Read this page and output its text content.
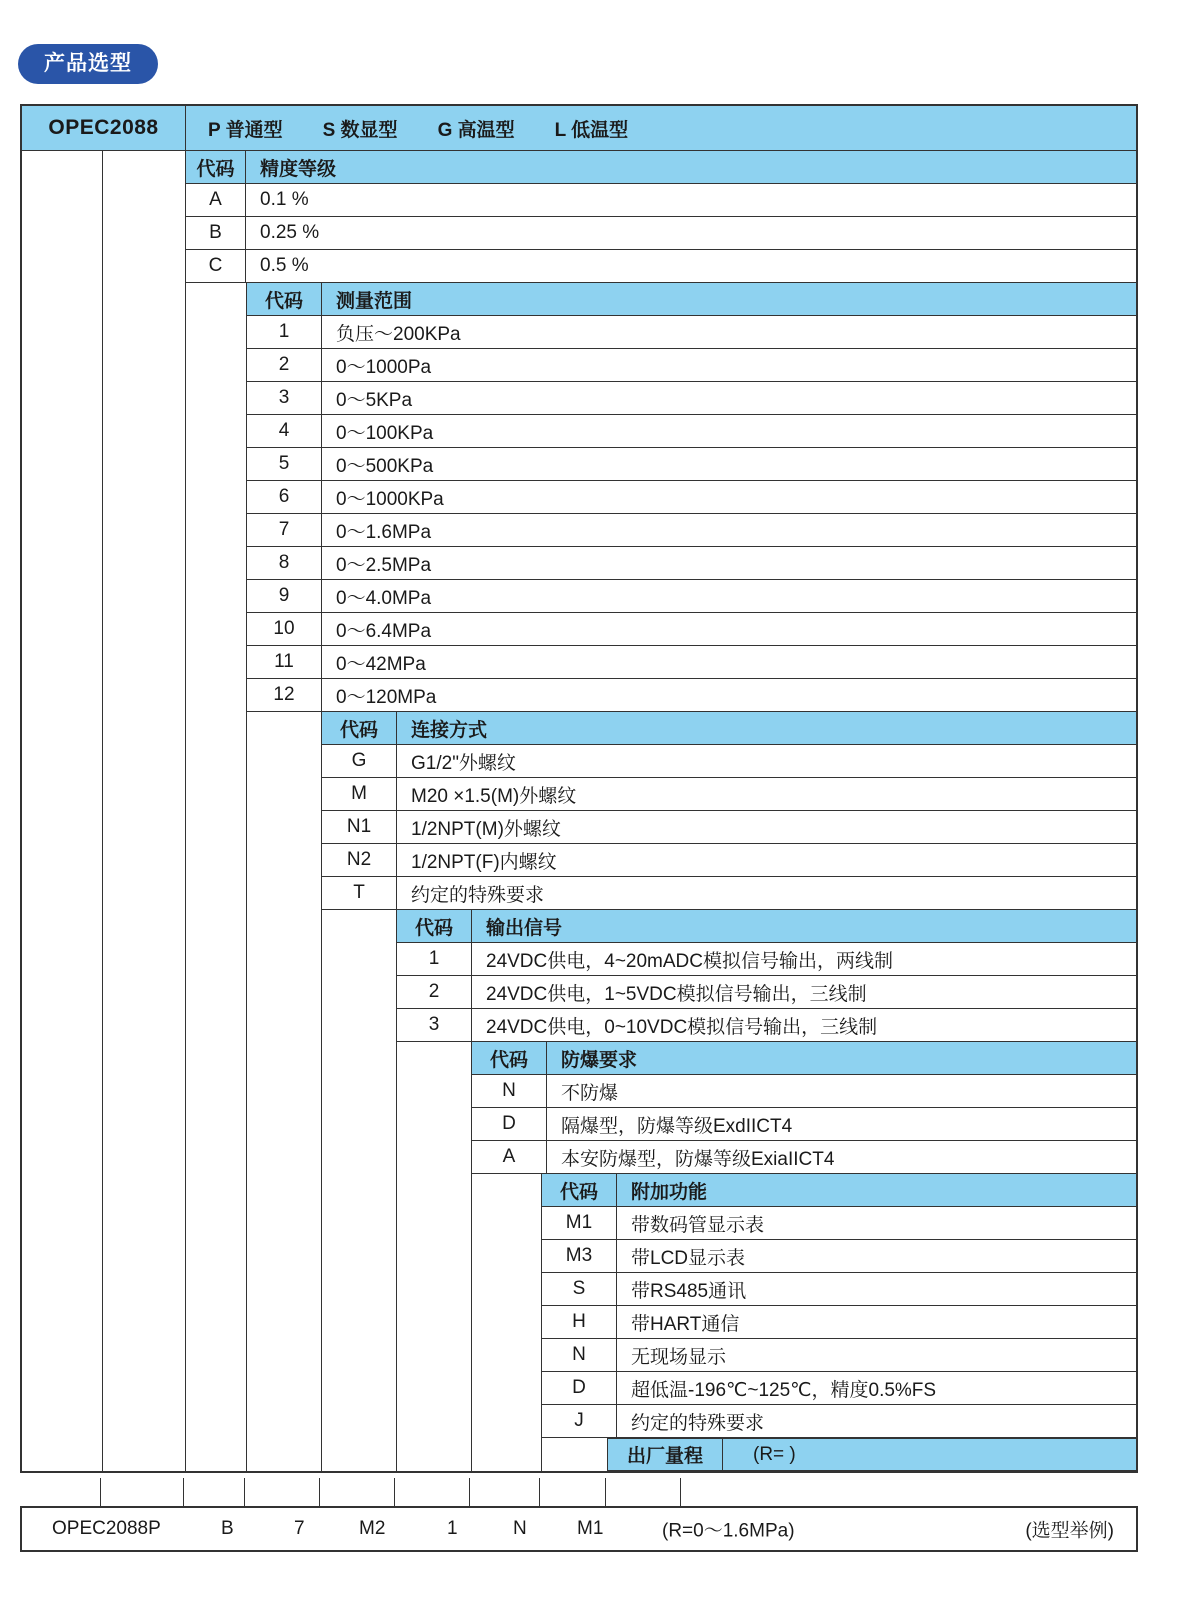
产品选型
OPEC2088	P 普通型 S 数显型 G 高温型 L 低温型
代码	精度等级
A	0.1 %
B	0.25 %
C	0.5 %
代码	测量范围
1	负压～200KPa
2	0～1000Pa
3	0～5KPa
4	0～100KPa
5	0～500KPa
6	0～1000KPa
7	0～1.6MPa
8	0～2.5MPa
9	0～4.0MPa
10	0～6.4MPa
11	0～42MPa
12	0～120MPa
代码	连接方式
G	G1/2"外螺纹
M	M20 ×1.5(M)外螺纹
N1	1/2NPT(M)外螺纹
N2	1/2NPT(F)内螺纹
T	约定的特殊要求
代码	输出信号
1	24VDC供电，4~20mADC模拟信号输出，两线制
2	24VDC供电，1~5VDC模拟信号输出，三线制
3	24VDC供电，0~10VDC模拟信号输出，三线制
代码	防爆要求
N	不防爆
D	隔爆型，防爆等级ExdIICT4
A	本安防爆型，防爆等级ExiaIICT4
代码	附加功能
M1	带数码管显示表
M3	带LCD显示表
S	带RS485通讯
H	带HART通信
N	无现场显示
D	超低温-196℃~125℃，精度0.5%FS
J	约定的特殊要求
出厂量程	(R= )
OPEC2088P	B	7	M2	1	N	M1	(R=0～1.6MPa)	(选型举例)
